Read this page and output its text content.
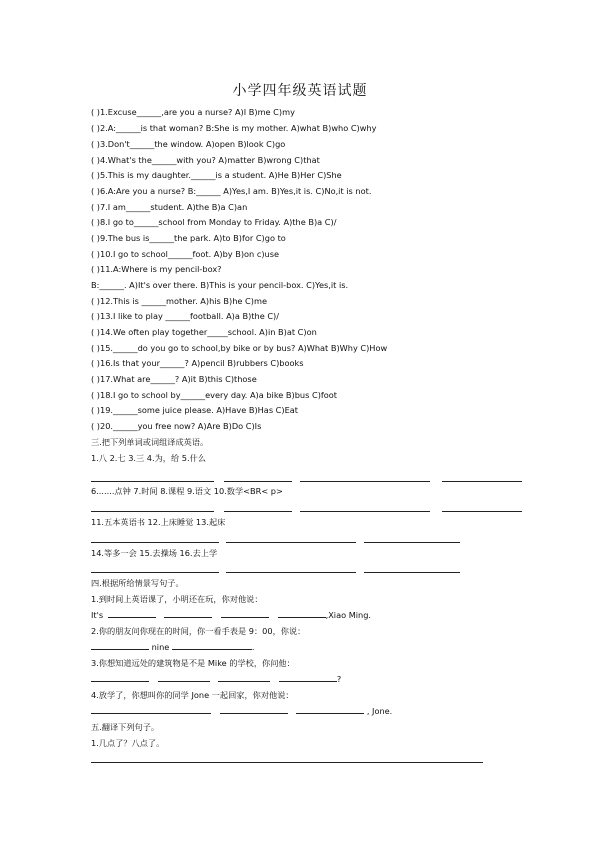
小学四年级英语试题
( )1.Excuse______,are you a nurse? A)I B)me C)my
( )2.A:______is that woman? B:She is my mother. A)what B)who C)why
( )3.Don't______the window. A)open B)look C)go
( )4.What's the______with you? A)matter B)wrong C)that
( )5.This is my daughter.______is a student. A)He B)Her C)She
( )6.A:Are you a nurse? B:______ A)Yes,I am. B)Yes,it is. C)No,it is not.
( )7.I am______student. A)the B)a C)an
( )8.I go to______school from Monday to Friday. A)the B)a C)/
( )9.The bus is______the park. A)to B)for C)go to
( )10.I go to school______foot. A)by B)on c)use
( )11.A:Where is my pencil-box?
B:______. A)It's over there. B)This is your pencil-box. C)Yes,it is.
( )12.This is ______mother. A)his B)he C)me
( )13.I like to play ______football. A)a B)the C)/
( )14.We often play together_____school. A)in B)at C)on
( )15.______do you go to school,by bike or by bus? A)What B)Why C)How
( )16.Is that your______? A)pencil B)rubbers C)books
( )17.What are______? A)it B)this C)those
( )18.I go to school by______every day. A)a bike B)bus C)foot
( )19.______some juice please. A)Have B)Has C)Eat
( )20.______you free now? A)Are B)Do C)Is
三.把下列单词或词组译成英语。
1.八 2.七 3.三 4.为，给 5.什么
6.......点钟 7.时间 8.课程 9.语文 10.数学<BR< p>
11.五本英语书 12.上床睡觉 13.起床
14.等多一会 15.去操场 16.去上学
四.根据所给情景写句子。
1.到时间上英语课了，小明还在玩，你对他说：
It's	,Xiao Ming.
2.你的朋友问你现在的时间，你一看手表是 9：00，你说：
nine	.
3.你想知道远处的建筑物是不是 Mike 的学校，你问他：
?
4.放学了，你想叫你的同学 Jone 一起回家，你对他说：
, Jone.
五.翻译下列句子。
1.几点了？八点了。
